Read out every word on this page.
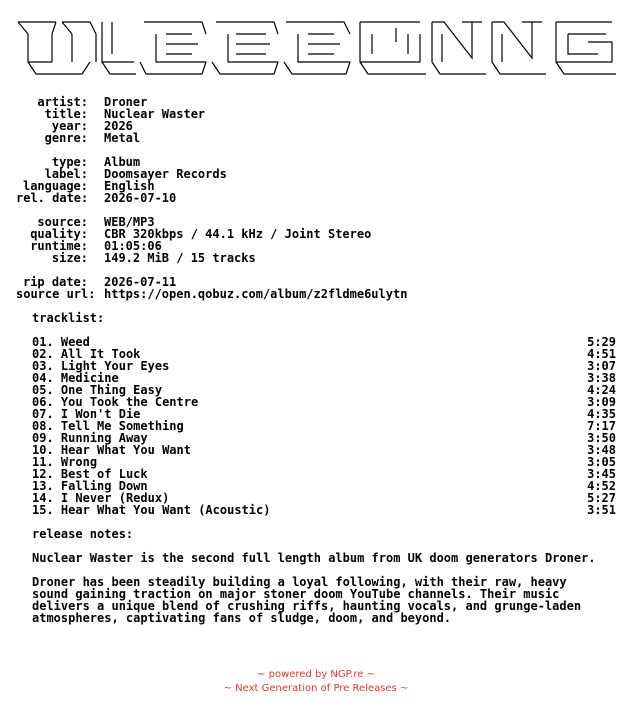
artist:	Droner
title:	Nuclear Waster
year:	2026
genre:	Metal
type:	Album
label:	Doomsayer Records
language:	English
rel. date:	2026-07-10
source:	WEB/MP3
quality:	CBR 320kbps / 44.1 kHz / Joint Stereo
runtime:	01:05:06
size:	149.2 MiB / 15 tracks
rip date:	2026-07-11
source url: https://open.qobuz.com/album/z2fldme6ulytn
tracklist:
01. Weed	5:29
02. All It Took	4:51
03. Light Your Eyes	3:07
04. Medicine	3:38
05. One Thing Easy	4:24
06. You Took the Centre	3:09
07. I Won't Die	4:35
08. Tell Me Something	7:17
09. Running Away	3:50
10. Hear What You Want	3:48
11. Wrong	3:05
12. Best of Luck	3:45
13. Falling Down	4:52
14. I Never (Redux)	5:27
15. Hear What You Want (Acoustic)	3:51
release notes:

Nuclear Waster is the second full length album from UK doom generators Droner.

Droner has been steadily building a loyal following, with their raw, heavy sound gaining traction on major stoner doom YouTube channels. Their music delivers a unique blend of crushing riffs, haunting vocals, and grunge-laden atmospheres, captivating fans of sludge, doom, and beyond.

~ powered by NGP.re ~
~ Next Generation of Pre Releases ~
